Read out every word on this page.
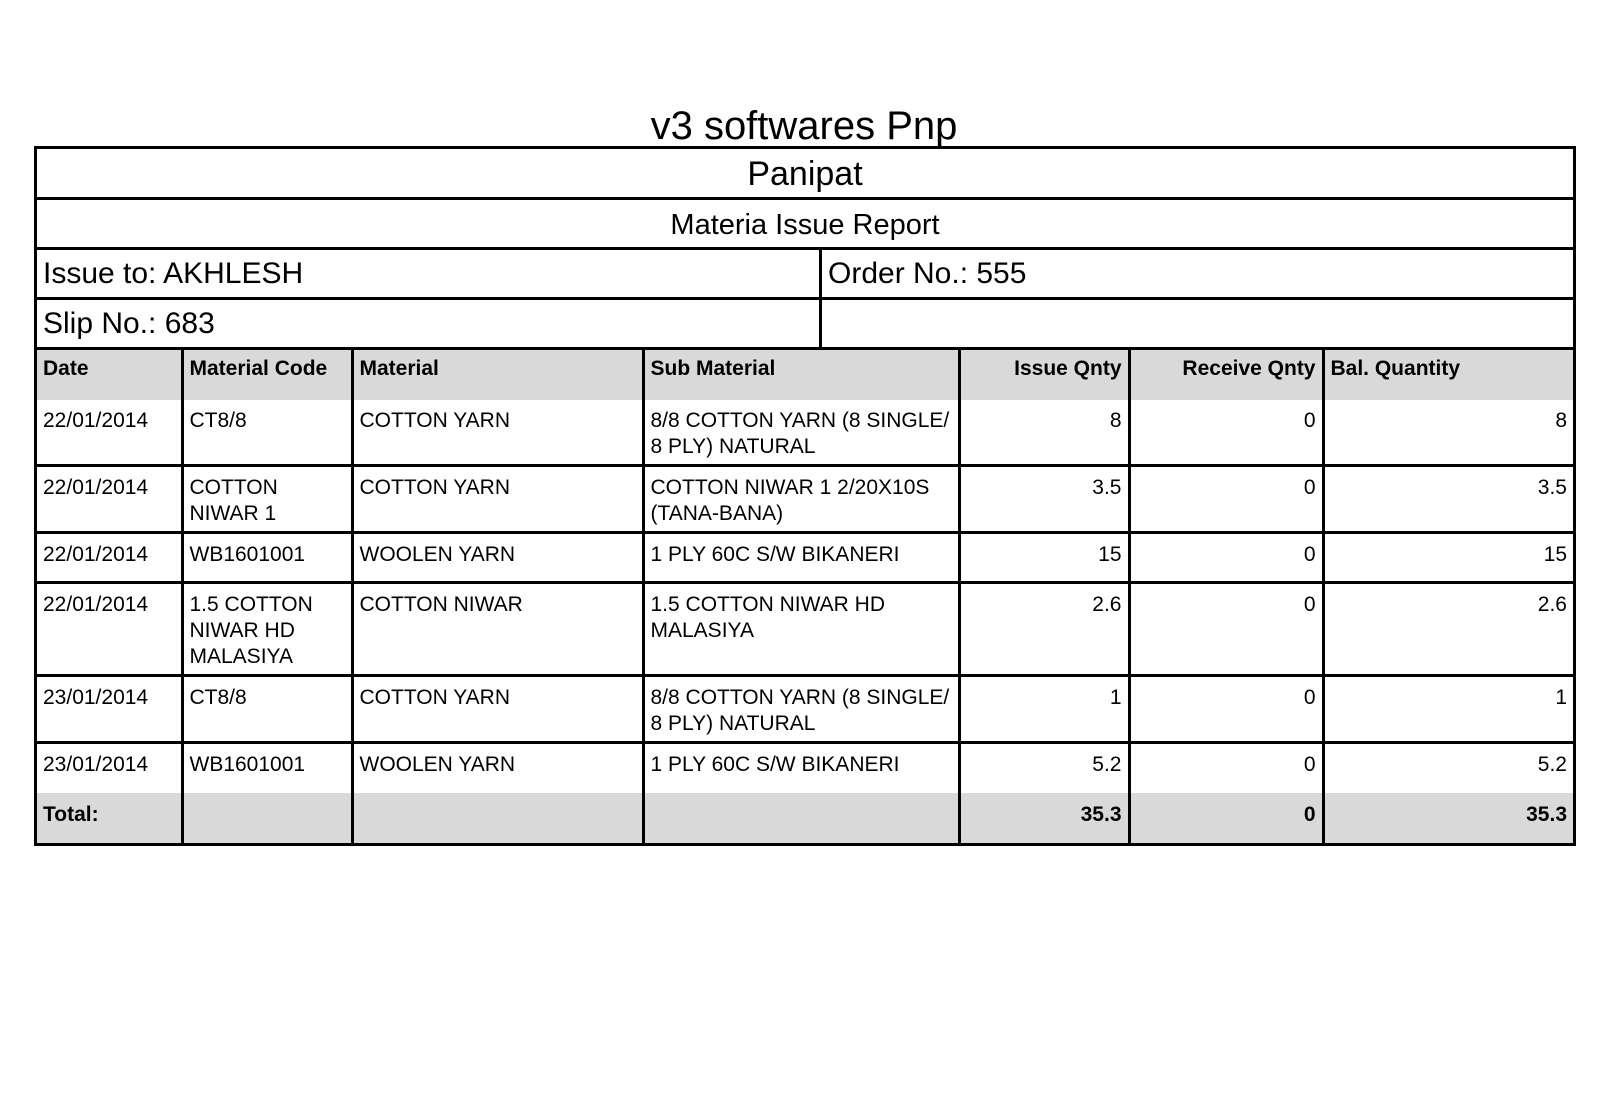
v3 softwares Pnp
Panipat
Materia Issue Report
Issue to: AKHLESH	Order No.: 555
Slip No.: 683
Date	Material Code	Material	Sub Material	Issue Qnty	Receive Qnty	Bal. Quantity
22/01/2014	CT8/8	COTTON YARN	8/8 COTTON YARN (8 SINGLE/ 8 PLY) NATURAL	8	0	8
22/01/2014	COTTON NIWAR 1	COTTON YARN	COTTON NIWAR 1 2/20X10S (TANA-BANA)	3.5	0	3.5
22/01/2014	WB1601001	WOOLEN YARN	1 PLY 60C S/W BIKANERI	15	0	15
22/01/2014	1.5 COTTON NIWAR HD MALASIYA	COTTON NIWAR	1.5 COTTON NIWAR HD MALASIYA	2.6	0	2.6
23/01/2014	CT8/8	COTTON YARN	8/8 COTTON YARN (8 SINGLE/ 8 PLY) NATURAL	1	0	1
23/01/2014	WB1601001	WOOLEN YARN	1 PLY 60C S/W BIKANERI	5.2	0	5.2
Total:				35.3	0	35.3
